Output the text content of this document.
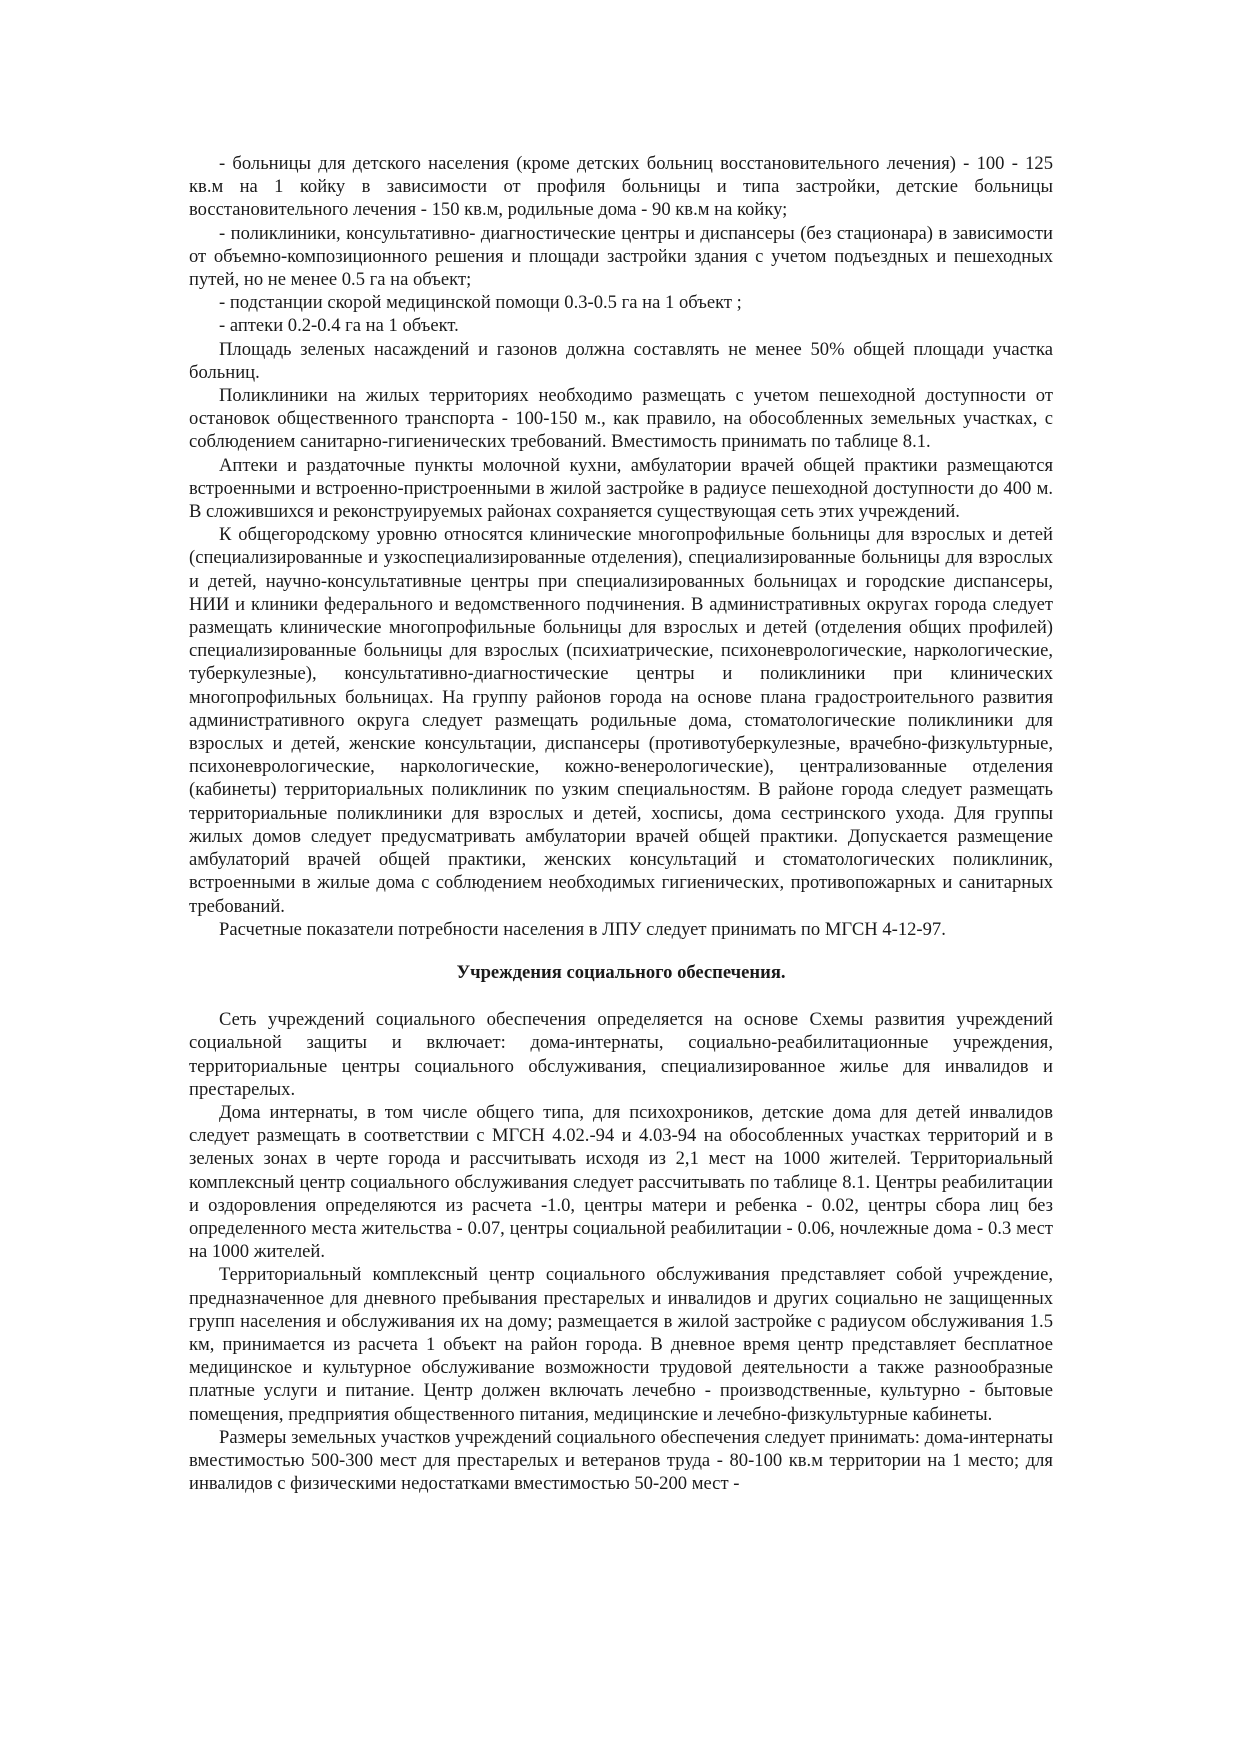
- больницы для детского населения (кроме детских больниц восстановительного лечения) - 100 - 125 кв.м на 1 койку в зависимости от профиля больницы и типа застройки, детские больницы восстановительного лечения - 150 кв.м, родильные дома - 90 кв.м на койку;

- поликлиники, консультативно- диагностические центры и диспансеры (без стационара) в зависимости от объемно-композиционного решения и площади застройки здания с учетом подъездных и пешеходных путей, но не менее 0.5 га на объект;

- подстанции скорой медицинской помощи 0.3-0.5 га на 1 объект ;

- аптеки 0.2-0.4 га на 1 объект.

Площадь зеленых насаждений и газонов должна составлять не менее 50% общей площади участка больниц.

Поликлиники на жилых территориях необходимо размещать с учетом пешеходной доступности от остановок общественного транспорта - 100-150 м., как правило, на обособленных земельных участках, с соблюдением санитарно-гигиенических требований. Вместимость принимать по таблице 8.1.

Аптеки и раздаточные пункты молочной кухни, амбулатории врачей общей практики размещаются встроенными и встроенно-пристроенными в жилой застройке в радиусе пешеходной доступности до 400 м. В сложившихся и реконструируемых районах сохраняется существующая сеть этих учреждений.

К общегородскому уровню относятся клинические многопрофильные больницы для взрослых и детей (специализированные и узкоспециализированные отделения), специализированные больницы для взрослых и детей, научно-консультативные центры при специализированных больницах и городские диспансеры, НИИ и клиники федерального и ведомственного подчинения. В административных округах города следует размещать клинические многопрофильные больницы для взрослых и детей (отделения общих профилей) специализированные больницы для взрослых (психиатрические, психоневрологические, наркологические, туберкулезные), консультативно-диагностические центры и поликлиники при клинических многопрофильных больницах. На группу районов города на основе плана градостроительного развития административного округа следует размещать родильные дома, стоматологические поликлиники для взрослых и детей, женские консультации, диспансеры (противотуберкулезные, врачебно-физкультурные, психоневрологические, наркологические, кожно-венерологические), централизованные отделения (кабинеты) территориальных поликлиник по узким специальностям. В районе города следует размещать территориальные поликлиники для взрослых и детей, хосписы, дома сестринского ухода. Для группы жилых домов следует предусматривать амбулатории врачей общей практики. Допускается размещение амбулаторий врачей общей практики, женских консультаций и стоматологических поликлиник, встроенными в жилые дома с соблюдением необходимых гигиенических, противопожарных и санитарных требований.

Расчетные показатели потребности населения в ЛПУ следует принимать по МГСН 4-12-97.

Учреждения социального обеспечения.

Сеть учреждений социального обеспечения определяется на основе Схемы развития учреждений социальной защиты и включает: дома-интернаты, социально-реабилитационные учреждения, территориальные центры социального обслуживания, специализированное жилье для инвалидов и престарелых.

Дома интернаты, в том числе общего типа, для психохроников, детские дома для детей инвалидов следует размещать в соответствии с МГСН 4.02.-94 и 4.03-94 на обособленных участках территорий и в зеленых зонах в черте города и рассчитывать исходя из 2,1 мест на 1000 жителей. Территориальный комплексный центр социального обслуживания следует рассчитывать по таблице 8.1. Центры реабилитации и оздоровления определяются из расчета -1.0, центры матери и ребенка - 0.02, центры сбора лиц без определенного места жительства - 0.07, центры социальной реабилитации - 0.06, ночлежные дома - 0.3 мест на 1000 жителей.

Территориальный комплексный центр социального обслуживания представляет собой учреждение, предназначенное для дневного пребывания престарелых и инвалидов и других социально не защищенных групп населения и обслуживания их на дому; размещается в жилой застройке с радиусом обслуживания 1.5 км, принимается из расчета 1 объект на район города. В дневное время центр представляет бесплатное медицинское и культурное обслуживание возможности трудовой деятельности а также разнообразные платные услуги и питание. Центр должен включать лечебно - производственные, культурно - бытовые помещения, предприятия общественного питания, медицинские и лечебно-физкультурные кабинеты.

Размеры земельных участков учреждений социального обеспечения следует принимать: дома-интернаты вместимостью 500-300 мест для престарелых и ветеранов труда - 80-100 кв.м территории на 1 место; для инвалидов с физическими недостатками вместимостью 50-200 мест -
